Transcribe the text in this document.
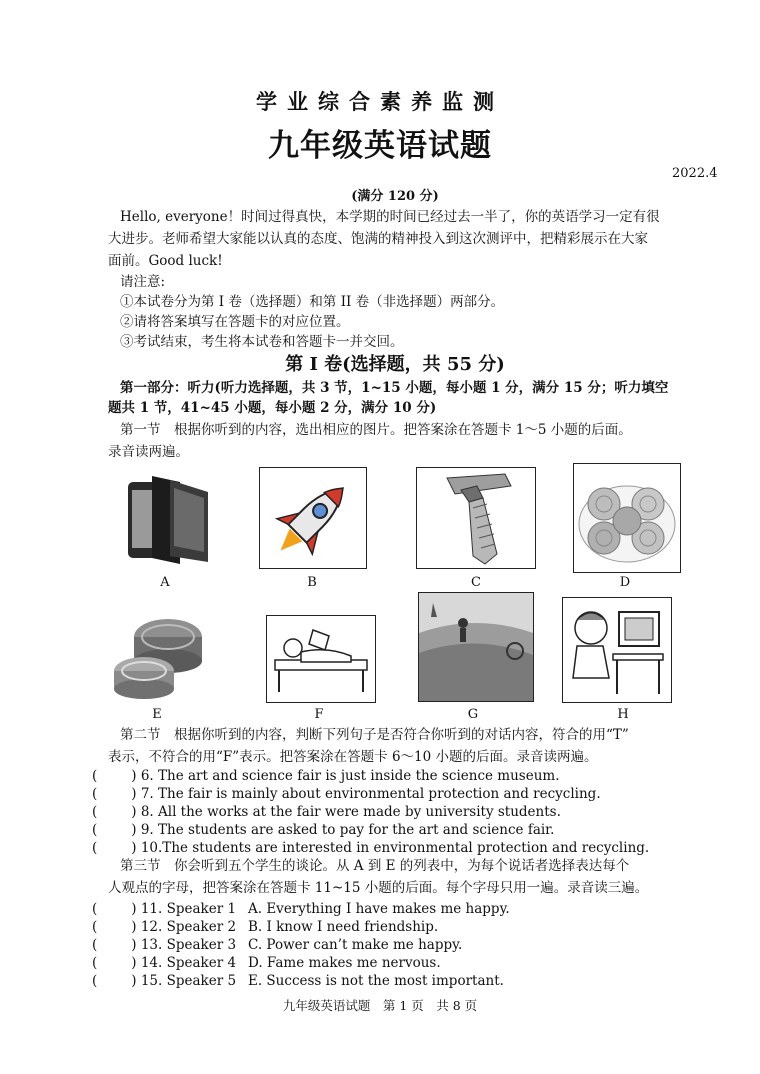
学业综合素养监测
九年级英语试题
2022.4
(满分 120 分)
Hello, everyone！时间过得真快，本学期的时间已经过去一半了，你的英语学习一定有很
大进步。老师希望大家能以认真的态度、饱满的精神投入到这次测评中，把精彩展示在大家
面前。Good luck!
请注意:
①本试卷分为第 I 卷（选择题）和第 II 卷（非选择题）两部分。
②请将答案填写在答题卡的对应位置。
③考试结束，考生将本试卷和答题卡一并交回。
第 I 卷(选择题，共 55 分)
第一部分：听力(听力选择题，共 3 节，1~15 小题，每小题 1 分，满分 15 分；听力填空
题共 1 节，41~45 小题，每小题 2 分，满分 10 分)
第一节　根据你听到的内容，选出相应的图片。把答案涂在答题卡 1～5 小题的后面。
录音读两遍。
A	B	C	D
E	F	G	H
第二节　根据你听到的内容，判断下列句子是否符合你听到的对话内容，符合的用“T”
表示，不符合的用“F”表示。把答案涂在答题卡 6～10 小题的后面。录音读两遍。
(	) 6. The art and science fair is just inside the science museum.
(	) 7. The fair is mainly about environmental protection and recycling.
(	) 8. All the works at the fair were made by university students.
(	) 9. The students are asked to pay for the art and science fair.
(	) 10.The students are interested in environmental protection and recycling.
第三节　你会听到五个学生的谈论。从 A 到 E 的列表中，为每个说话者选择表达每个
人观点的字母，把答案涂在答题卡 11~15 小题的后面。每个字母只用一遍。录音读三遍。
(	) 11. Speaker 1 A. Everything I have makes me happy.
(	) 12. Speaker 2 B. I know I need friendship.
(	) 13. Speaker 3 C. Power can’t make me happy.
(	) 14. Speaker 4 D. Fame makes me nervous.
(	) 15. Speaker 5 E. Success is not the most important.
九年级英语试题　第 1 页　共 8 页
